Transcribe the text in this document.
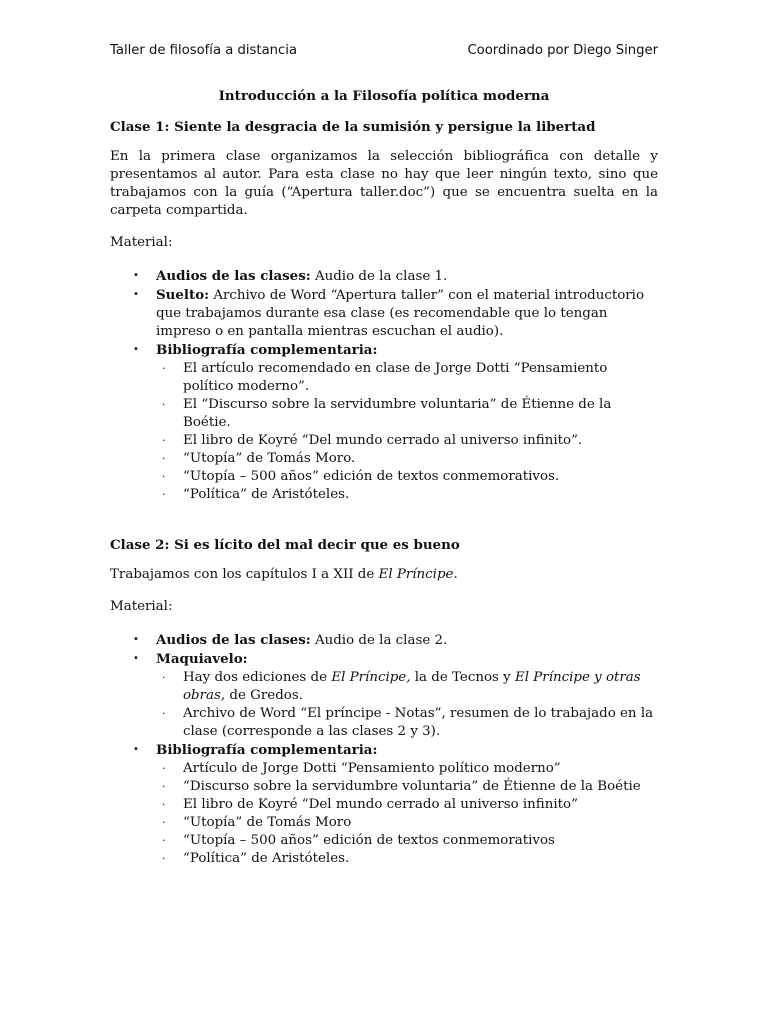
Taller de filosofía a distancia	Coordinado por Diego Singer
Introducción a la Filosofía política moderna
Clase 1: Siente la desgracia de la sumisión y persigue la libertad

En la primera clase organizamos la selección bibliográfica con detalle y presentamos al autor. Para esta clase no hay que leer ningún texto, sino que trabajamos con la guía (“Apertura taller.doc”) que se encuentra suelta en la carpeta compartida.

Material:

• Audios de las clases: Audio de la clase 1.
• Suelto: Archivo de Word “Apertura taller” con el material introductorio que trabajamos durante esa clase (es recomendable que lo tengan impreso o en pantalla mientras escuchan el audio).
• Bibliografía complementaria:
· El artículo recomendado en clase de Jorge Dotti “Pensamiento político moderno”.
· El “Discurso sobre la servidumbre voluntaria” de Étienne de la Boétie.
· El libro de Koyré “Del mundo cerrado al universo infinito”.
· “Utopía” de Tomás Moro.
· “Utopía – 500 años” edición de textos conmemorativos.
· “Política” de Aristóteles.
Clase 2: Si es lícito del mal decir que es bueno

Trabajamos con los capítulos I a XII de El Príncipe.

Material:

• Audios de las clases: Audio de la clase 2.
• Maquiavelo:
· Hay dos ediciones de El Príncipe, la de Tecnos y El Príncipe y otras obras, de Gredos.
· Archivo de Word “El príncipe - Notas”, resumen de lo trabajado en la clase (corresponde a las clases 2 y 3).
• Bibliografía complementaria:
· Artículo de Jorge Dotti “Pensamiento político moderno”
· “Discurso sobre la servidumbre voluntaria” de Étienne de la Boétie
· El libro de Koyré “Del mundo cerrado al universo infinito”
· “Utopía” de Tomás Moro
· “Utopía – 500 años” edición de textos conmemorativos
· “Política” de Aristóteles.
